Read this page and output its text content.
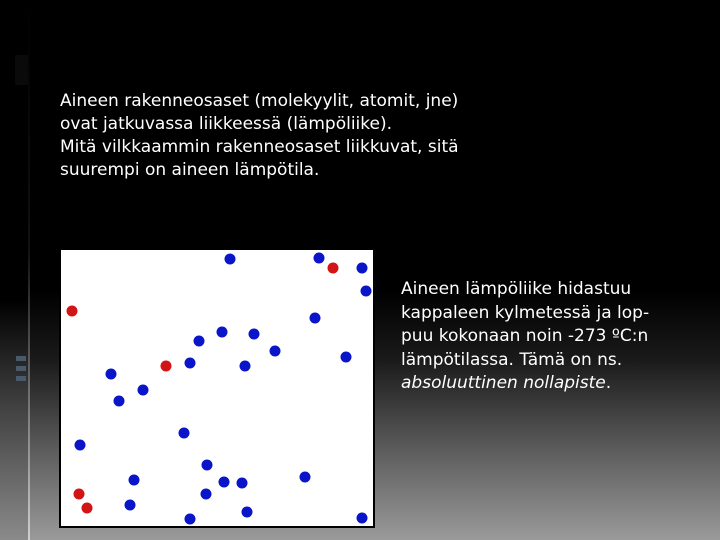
Aineen rakenneosaset (molekyylit, atomit, jne)
ovat jatkuvassa liikkeessä (lämpöliike).
Mitä vilkkaammin rakenneosaset liikkuvat, sitä
suurempi on aineen lämpötila.

Aineen lämpöliike hidastuu
kappaleen kylmetessä ja lop-
puu kokonaan noin -273 ºC:n
lämpötilassa. Tämä on ns.
absoluuttinen nollapiste.
